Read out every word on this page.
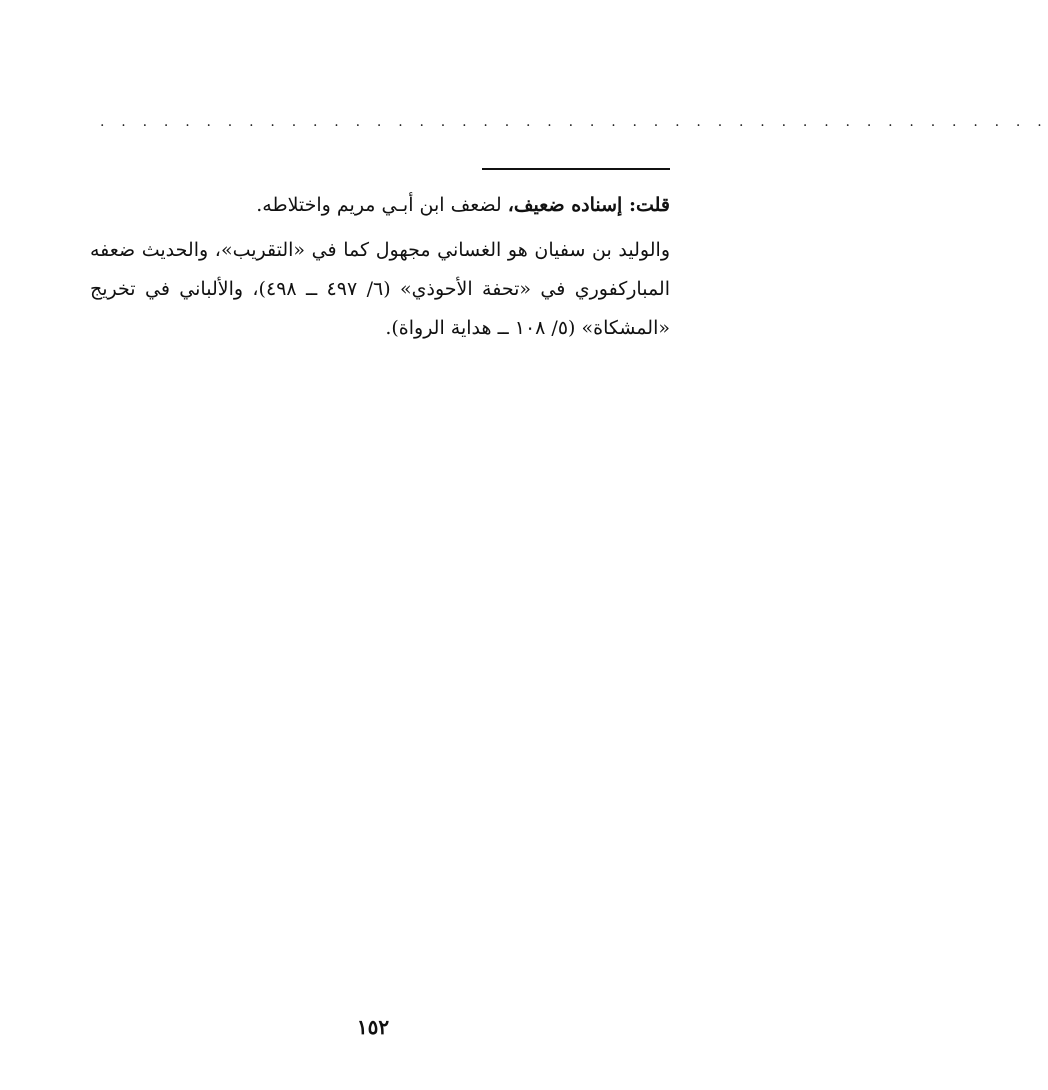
. . . . . . . . . . . . . . . . . . . . . . . . . . . . . . . . . . . . . . . . . . . . .

قلت: إسناده ضعيف، لضعف ابن أبـي مريم واختلاطه.

والوليد بن سفيان هو الغساني مجهول كما في «التقريب»، والحديث ضعفه المباركفوري في «تحفة الأحوذي» (٦/ ٤٩٧ ــ ٤٩٨)، والألباني في تخريج «المشكاة» (٥/ ١٠٨ ــ هداية الرواة).

١٥٢
